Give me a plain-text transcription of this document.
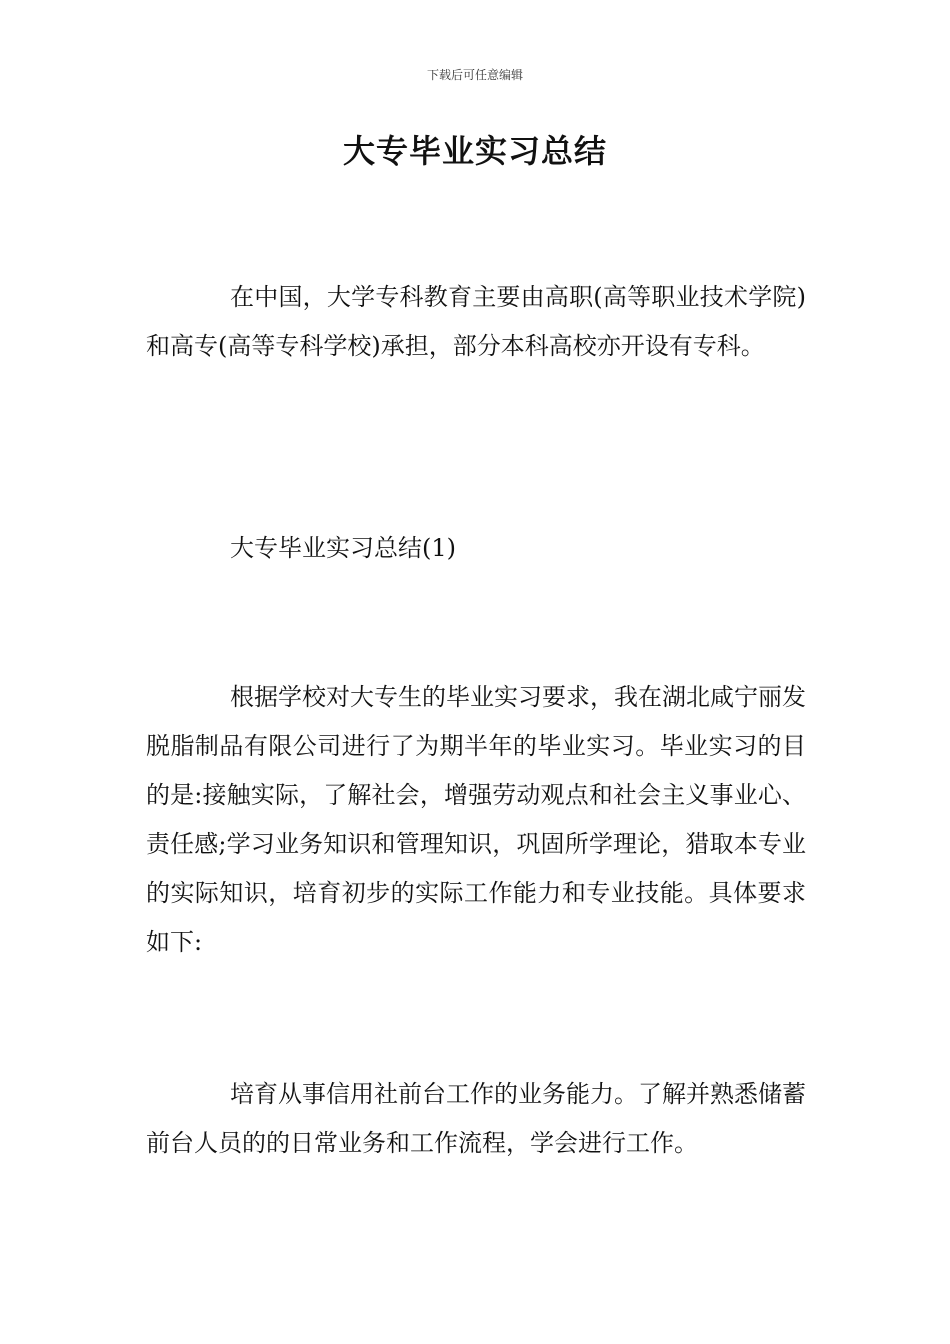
下载后可任意编辑
大专毕业实习总结

在中国，大学专科教育主要由高职(高等职业技术学院)和高专(高等专科学校)承担，部分本科高校亦开设有专科。

大专毕业实习总结(1)

根据学校对大专生的毕业实习要求，我在湖北咸宁丽发脱脂制品有限公司进行了为期半年的毕业实习。毕业实习的目的是:接触实际，了解社会，增强劳动观点和社会主义事业心、责任感;学习业务知识和管理知识，巩固所学理论，猎取本专业的实际知识，培育初步的实际工作能力和专业技能。具体要求如下:

培育从事信用社前台工作的业务能力。了解并熟悉储蓄前台人员的的日常业务和工作流程，学会进行工作。
